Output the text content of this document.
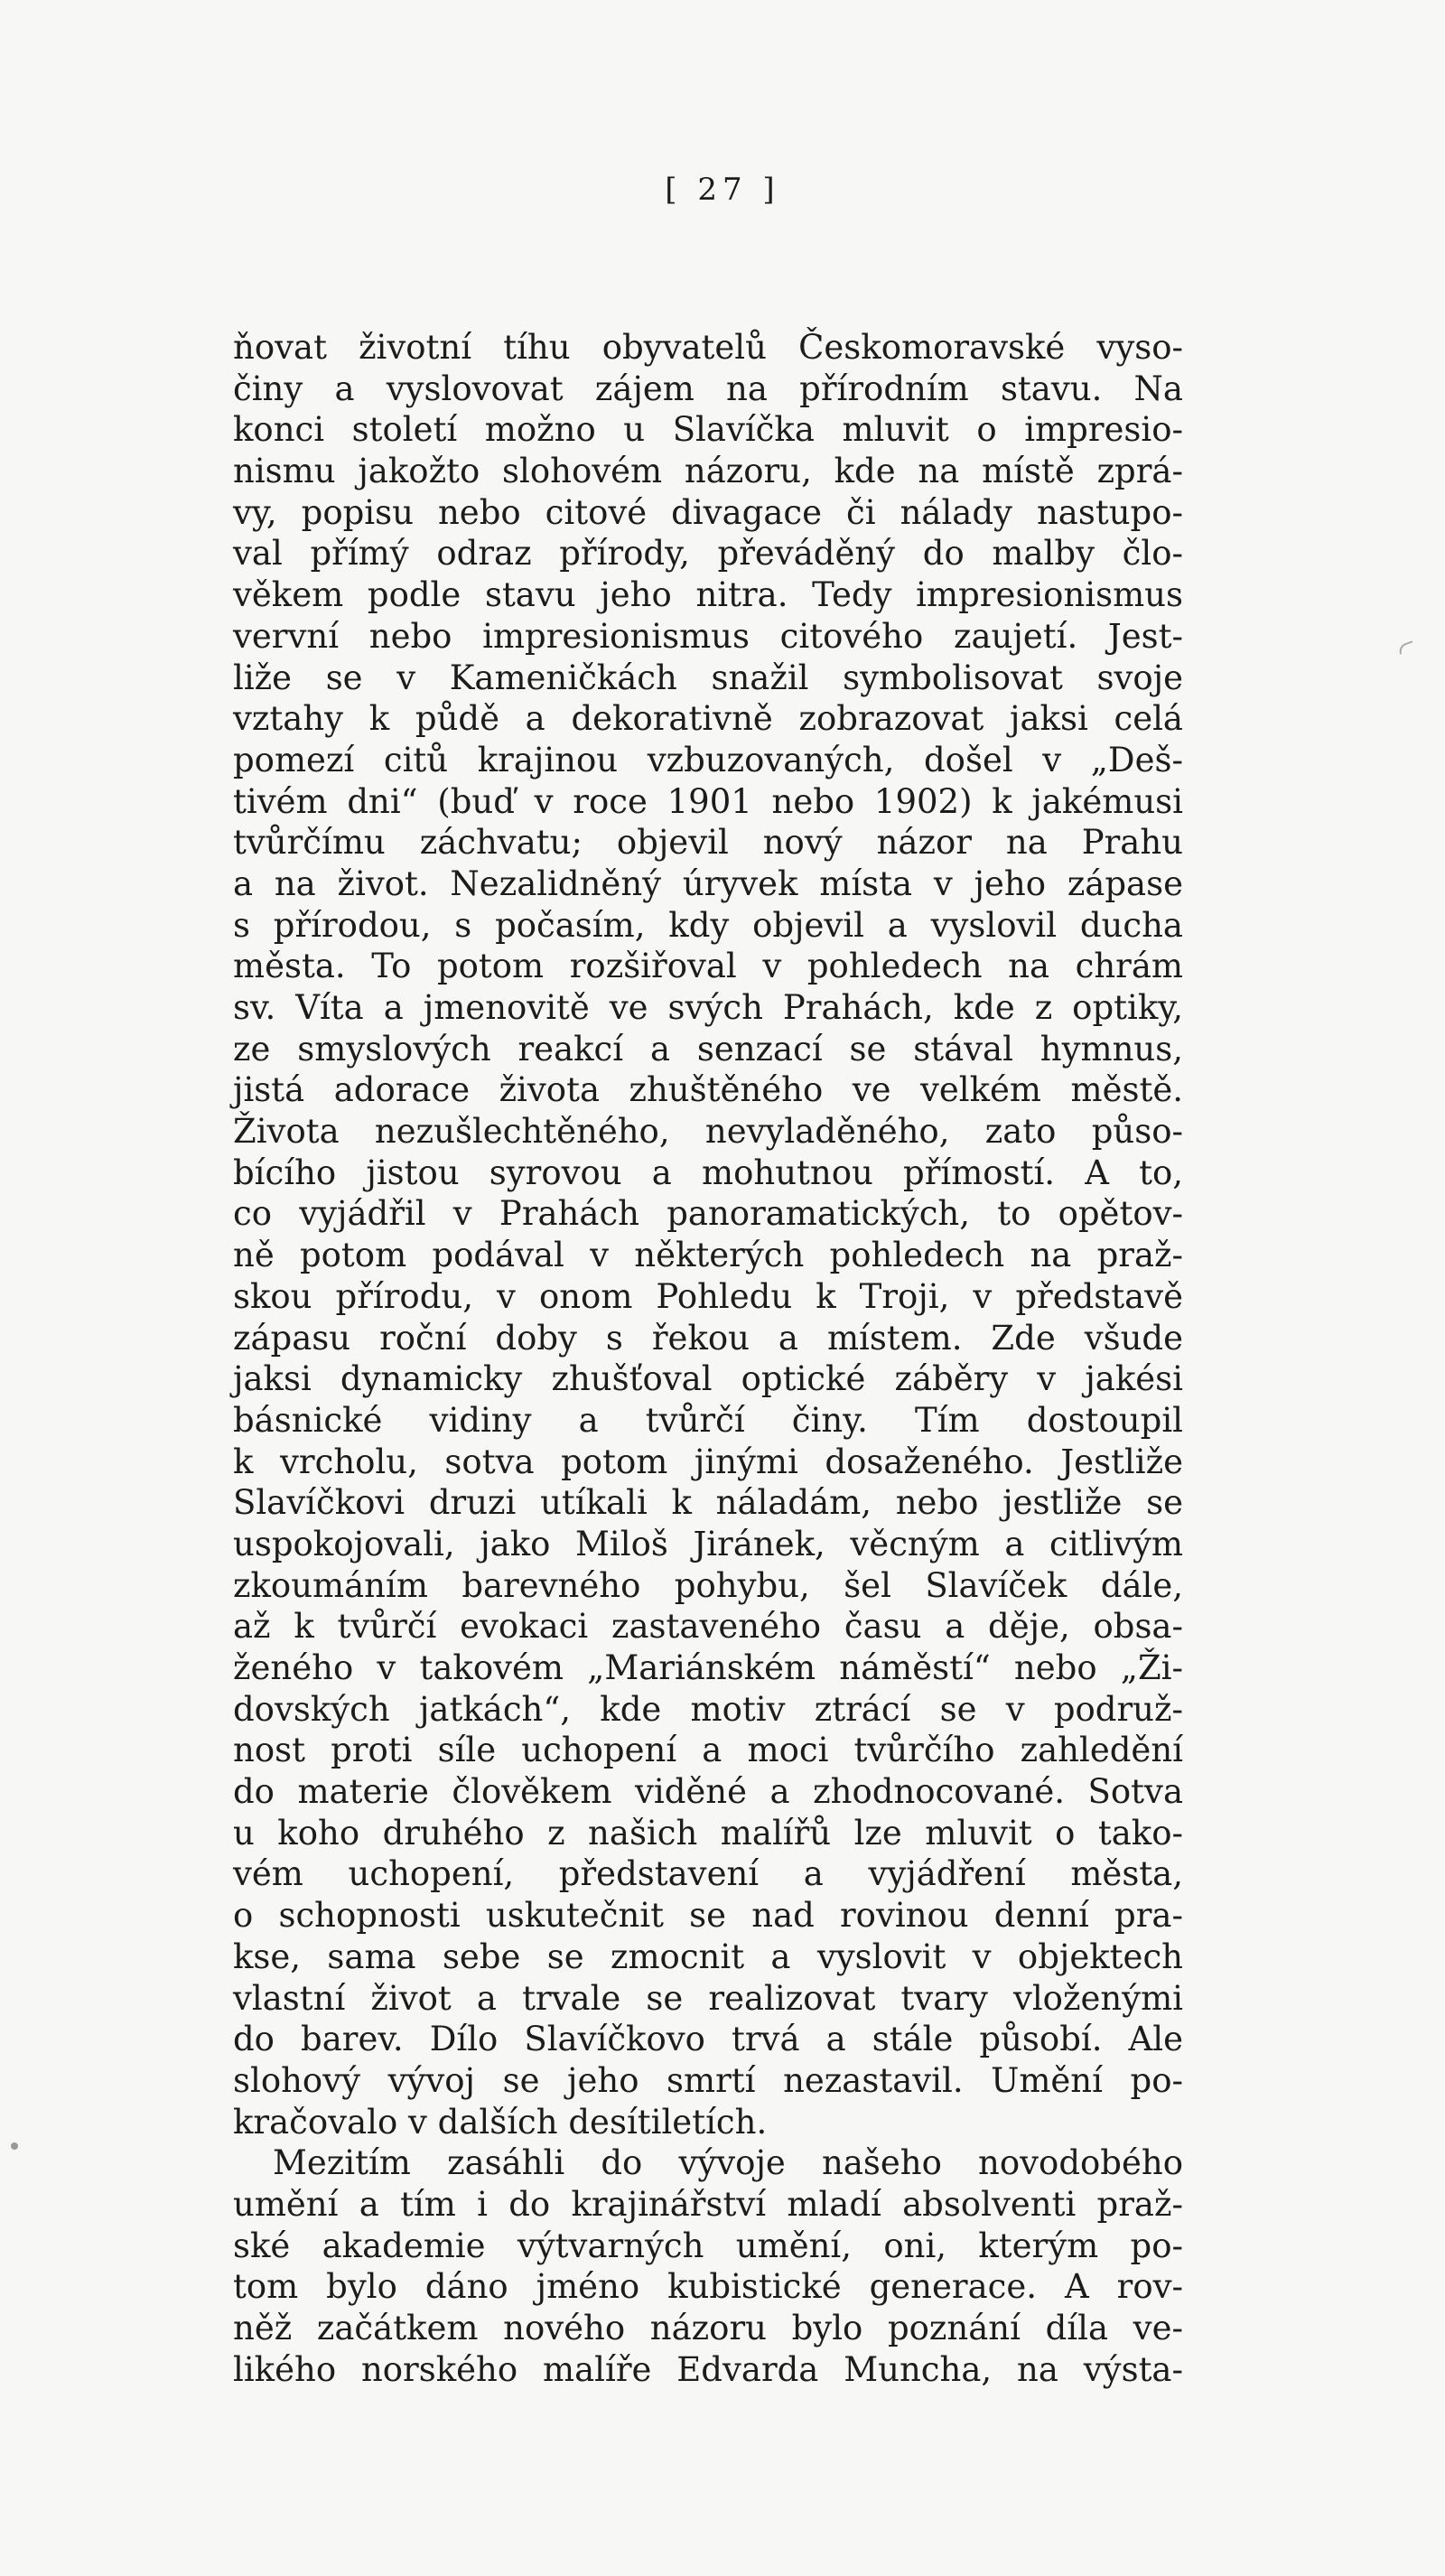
[ 27 ]
ňovat životní tíhu obyvatelů Českomoravské vyso-
činy a vyslovovat zájem na přírodním stavu. Na
konci století možno u Slavíčka mluvit o impresio-
nismu jakožto slohovém názoru, kde na místě zprá-
vy, popisu nebo citové divagace či nálady nastupo-
val přímý odraz přírody, převáděný do malby člo-
věkem podle stavu jeho nitra. Tedy impresionismus
vervní nebo impresionismus citového zaujetí. Jest-
liže se v Kameničkách snažil symbolisovat svoje
vztahy k půdě a dekorativně zobrazovat jaksi celá
pomezí citů krajinou vzbuzovaných, došel v „Deš-
tivém dni“ (buď v roce 1901 nebo 1902) k jakémusi
tvůrčímu záchvatu; objevil nový názor na Prahu
a na život. Nezalidněný úryvek místa v jeho zápase
s přírodou, s počasím, kdy objevil a vyslovil ducha
města. To potom rozšiřoval v pohledech na chrám
sv. Víta a jmenovitě ve svých Prahách, kde z optiky,
ze smyslových reakcí a senzací se stával hymnus,
jistá adorace života zhuštěného ve velkém městě.
Života nezušlechtěného, nevyladěného, zato půso-
bícího jistou syrovou a mohutnou přímostí. A to,
co vyjádřil v Prahách panoramatických, to opětov-
ně potom podával v některých pohledech na praž-
skou přírodu, v onom Pohledu k Troji, v představě
zápasu roční doby s řekou a místem. Zde všude
jaksi dynamicky zhušťoval optické záběry v jakési
básnické vidiny a tvůrčí činy. Tím dostoupil
k vrcholu, sotva potom jinými dosaženého. Jestliže
Slavíčkovi druzi utíkali k náladám, nebo jestliže se
uspokojovali, jako Miloš Jiránek, věcným a citlivým
zkoumáním barevného pohybu, šel Slavíček dále,
až k tvůrčí evokaci zastaveného času a děje, obsa-
ženého v takovém „Mariánském náměstí“ nebo „Ži-
dovských jatkách“, kde motiv ztrácí se v podruž-
nost proti síle uchopení a moci tvůrčího zahledění
do materie člověkem viděné a zhodnocované. Sotva
u koho druhého z našich malířů lze mluvit o tako-
vém uchopení, představení a vyjádření města,
o schopnosti uskutečnit se nad rovinou denní pra-
kse, sama sebe se zmocnit a vyslovit v objektech
vlastní život a trvale se realizovat tvary vloženými
do barev. Dílo Slavíčkovo trvá a stále působí. Ale
slohový vývoj se jeho smrtí nezastavil. Umění po-
kračovalo v dalších desítiletích.
Mezitím zasáhli do vývoje našeho novodobého
umění a tím i do krajinářství mladí absolventi praž-
ské akademie výtvarných umění, oni, kterým po-
tom bylo dáno jméno kubistické generace. A rov-
něž začátkem nového názoru bylo poznání díla ve-
likého norského malíře Edvarda Muncha, na výsta-
